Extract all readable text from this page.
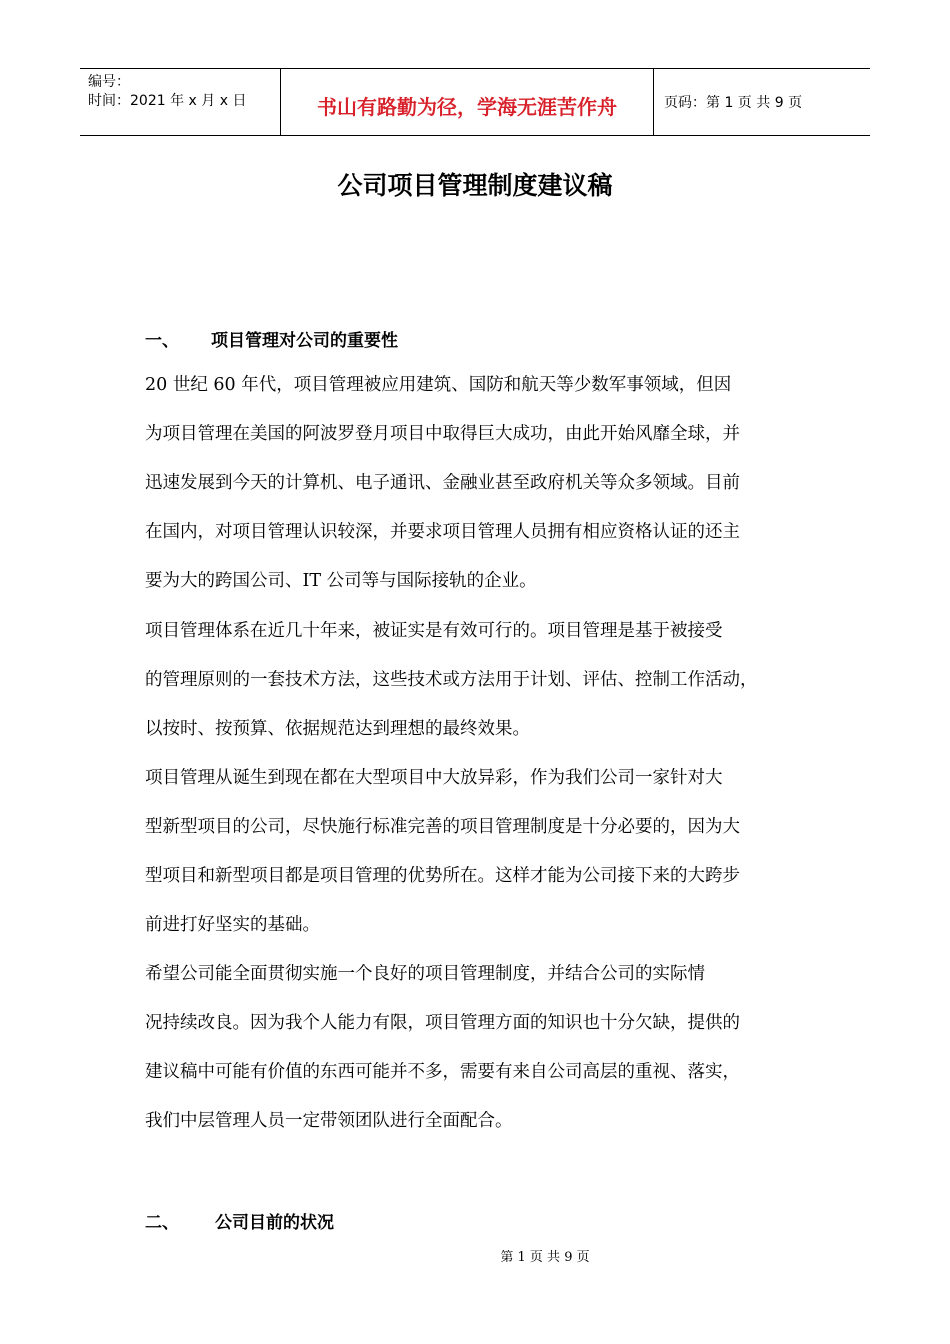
编号：
时间：2021 年 x 月 x 日	书山有路勤为径，学海无涯苦作舟	页码：第 1 页 共 9 页
公司项目管理制度建议稿
一、 项目管理对公司的重要性
20 世纪 60 年代，项目管理被应用建筑、国防和航天等少数军事领域，但因
为项目管理在美国的阿波罗登月项目中取得巨大成功，由此开始风靡全球，并
迅速发展到今天的计算机、电子通讯、金融业甚至政府机关等众多领域。目前
在国内，对项目管理认识较深，并要求项目管理人员拥有相应资格认证的还主
要为大的跨国公司、IT 公司等与国际接轨的企业。
项目管理体系在近几十年来，被证实是有效可行的。项目管理是基于被接受
的管理原则的一套技术方法，这些技术或方法用于计划、评估、控制工作活动，
以按时、按预算、依据规范达到理想的最终效果。
项目管理从诞生到现在都在大型项目中大放异彩，作为我们公司一家针对大
型新型项目的公司，尽快施行标准完善的项目管理制度是十分必要的，因为大
型项目和新型项目都是项目管理的优势所在。这样才能为公司接下来的大跨步
前进打好坚实的基础。
希望公司能全面贯彻实施一个良好的项目管理制度，并结合公司的实际情
况持续改良。因为我个人能力有限，项目管理方面的知识也十分欠缺，提供的
建议稿中可能有价值的东西可能并不多，需要有来自公司高层的重视、落实，
我们中层管理人员一定带领团队进行全面配合。
二、 公司目前的状况
第 1 页 共 9 页
